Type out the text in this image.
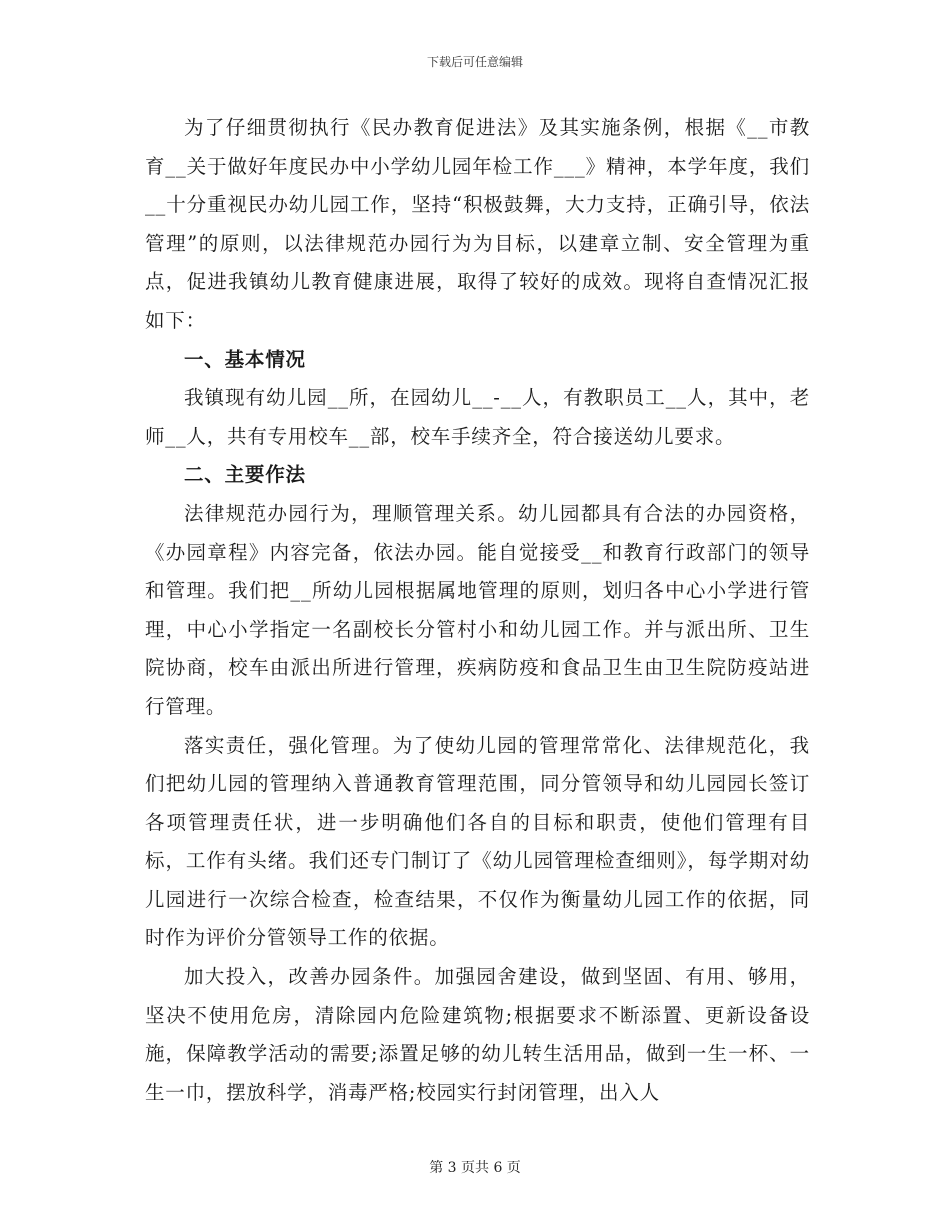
下载后可任意编辑

为了仔细贯彻执行《民办教育促进法》及其实施条例，根据《__市教育__关于做好年度民办中小学幼儿园年检工作___》精神，本学年度，我们__十分重视民办幼儿园工作，坚持“积极鼓舞，大力支持，正确引导，依法管理”的原则，以法律规范办园行为为目标，以建章立制、安全管理为重点，促进我镇幼儿教育健康进展，取得了较好的成效。现将自查情况汇报如下：

一、基本情况

我镇现有幼儿园__所，在园幼儿__-__人，有教职员工__人，其中，老师__人，共有专用校车__部，校车手续齐全，符合接送幼儿要求。

二、主要作法

法律规范办园行为，理顺管理关系。幼儿园都具有合法的办园资格，《办园章程》内容完备，依法办园。能自觉接受__和教育行政部门的领导和管理。我们把__所幼儿园根据属地管理的原则，划归各中心小学进行管理，中心小学指定一名副校长分管村小和幼儿园工作。并与派出所、卫生院协商，校车由派出所进行管理，疾病防疫和食品卫生由卫生院防疫站进行管理。

落实责任，强化管理。为了使幼儿园的管理常常化、法律规范化，我们把幼儿园的管理纳入普通教育管理范围，同分管领导和幼儿园园长签订各项管理责任状，进一步明确他们各自的目标和职责，使他们管理有目标，工作有头绪。我们还专门制订了《幼儿园管理检查细则》，每学期对幼儿园进行一次综合检查，检查结果，不仅作为衡量幼儿园工作的依据，同时作为评价分管领导工作的依据。

加大投入，改善办园条件。加强园舍建设，做到坚固、有用、够用，坚决不使用危房，清除园内危险建筑物;根据要求不断添置、更新设备设施，保障教学活动的需要;添置足够的幼儿转生活用品，做到一生一杯、一生一巾，摆放科学，消毒严格;校园实行封闭管理，出入人

第 3 页共 6 页
